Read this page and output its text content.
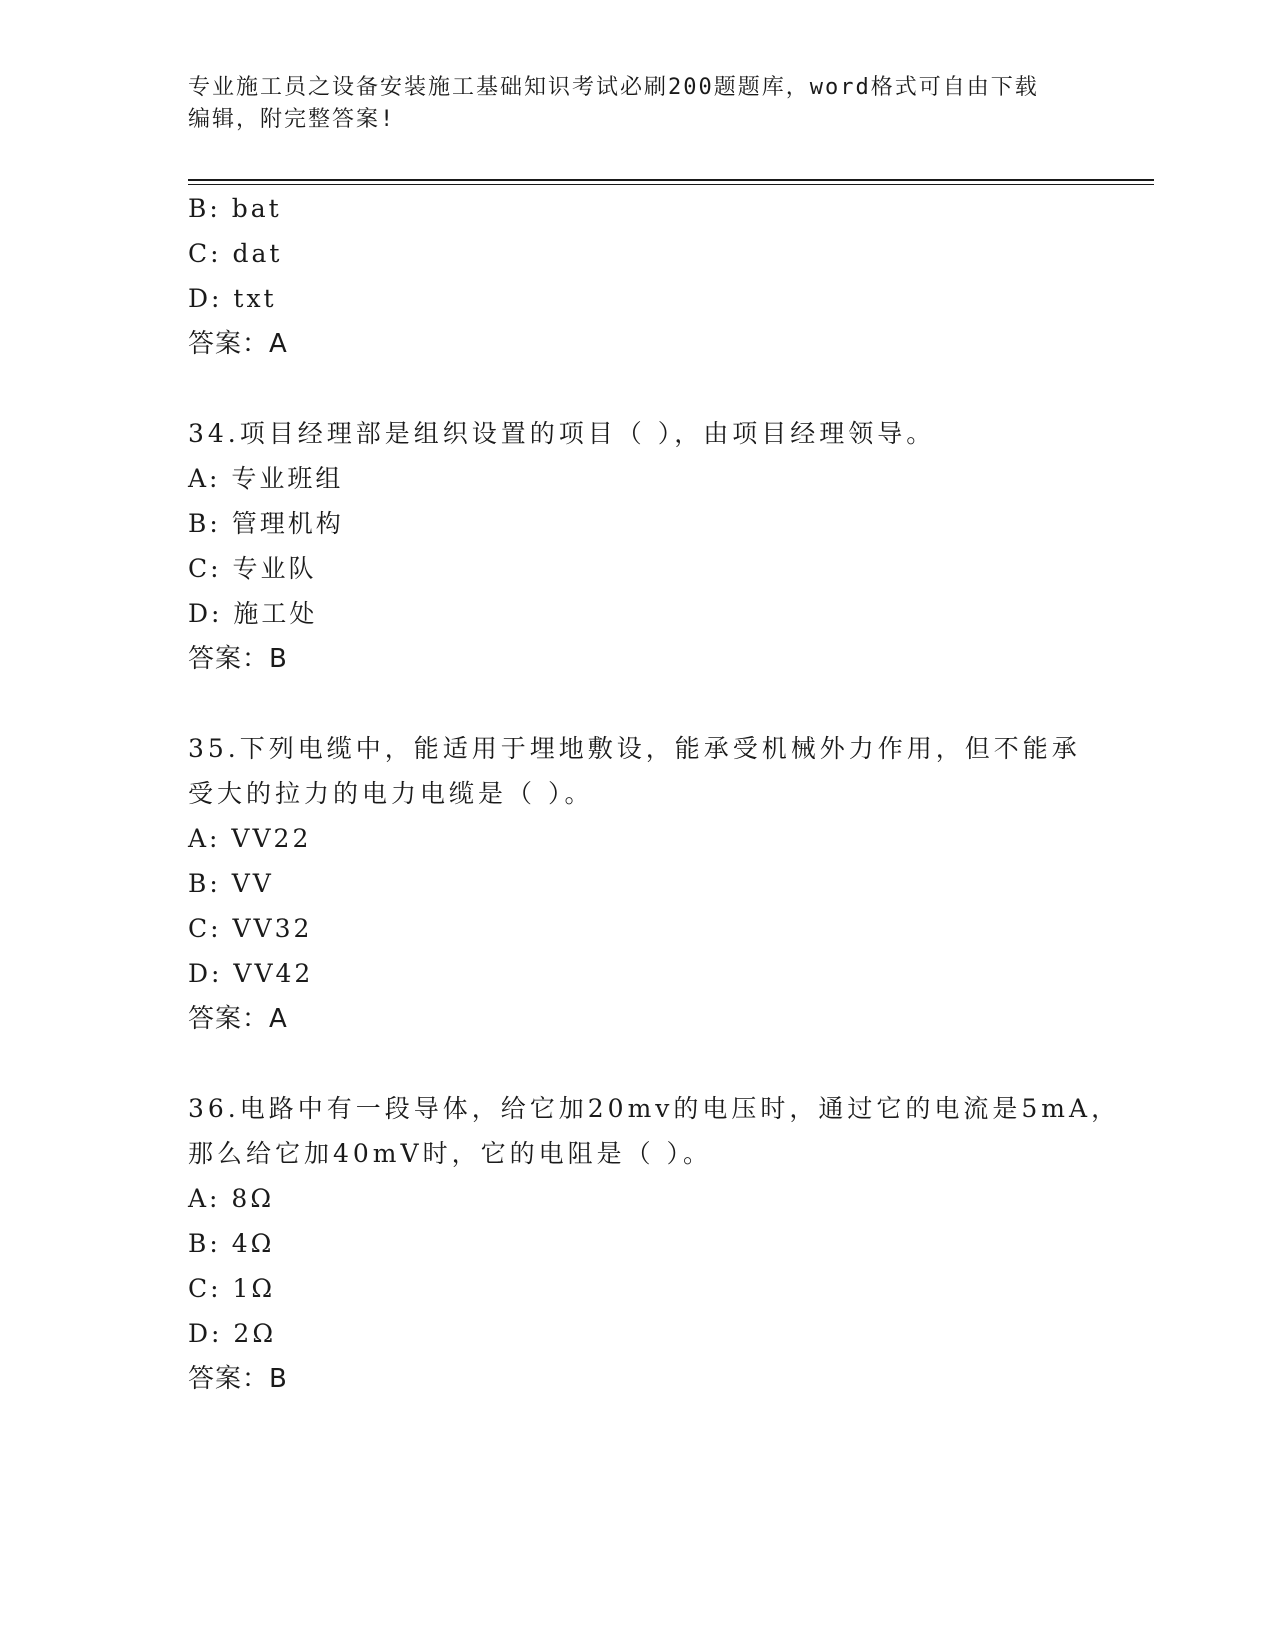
专业施工员之设备安装施工基础知识考试必刷200题题库，word格式可自由下载
编辑，附完整答案!
B: bat
C: dat
D: txt
答案：A
34.项目经理部是组织设置的项目（ ），由项目经理领导。
A: 专业班组
B: 管理机构
C: 专业队
D: 施工处
答案：B
35.下列电缆中，能适用于埋地敷设，能承受机械外力作用，但不能承
受大的拉力的电力电缆是（ ）。
A: VV22
B: VV
C: VV32
D: VV42
答案：A
36.电路中有一段导体，给它加20mv的电压时，通过它的电流是5mA，
那么给它加40mV时，它的电阻是（ ）。
A: 8Ω
B: 4Ω
C: 1Ω
D: 2Ω
答案：B
